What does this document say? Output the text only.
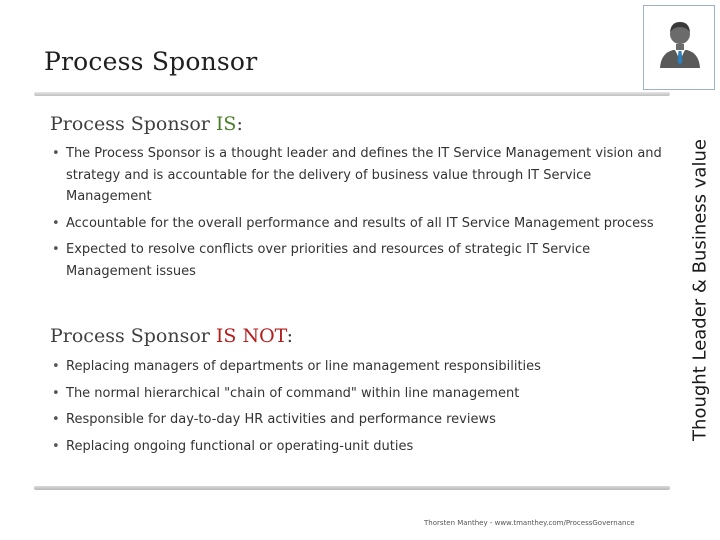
Process Sponsor
Thought Leader & Business value
Process Sponsor IS:
• The Process Sponsor is a thought leader and defines the IT Service Management vision and strategy and is accountable for the delivery of business value through IT Service Management
• Accountable for the overall performance and results of all IT Service Management process
• Expected to resolve conflicts over priorities and resources of strategic IT Service Management issues
Process Sponsor IS NOT:
• Replacing managers of departments or line management responsibilities
• The normal hierarchical "chain of command" within line management
• Responsible for day-to-day HR activities and performance reviews
• Replacing ongoing functional or operating-unit duties
Thorsten Manthey - www.tmanthey.com/ProcessGovernance
